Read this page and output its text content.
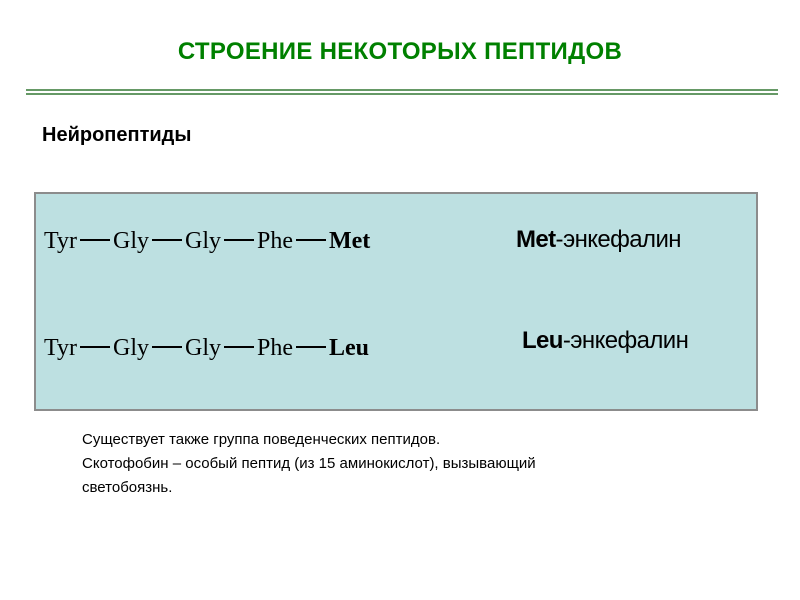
СТРОЕНИЕ НЕКОТОРЫХ ПЕПТИДОВ
Нейропептиды
Tyr Gly Gly Phe Met	Met-энкефалин
Tyr Gly Gly Phe Leu	Leu-энкефалин
Существует также группа поведенческих пептидов.
Скотофобин – особый пептид (из 15 аминокислот), вызывающий
светобоязнь.
